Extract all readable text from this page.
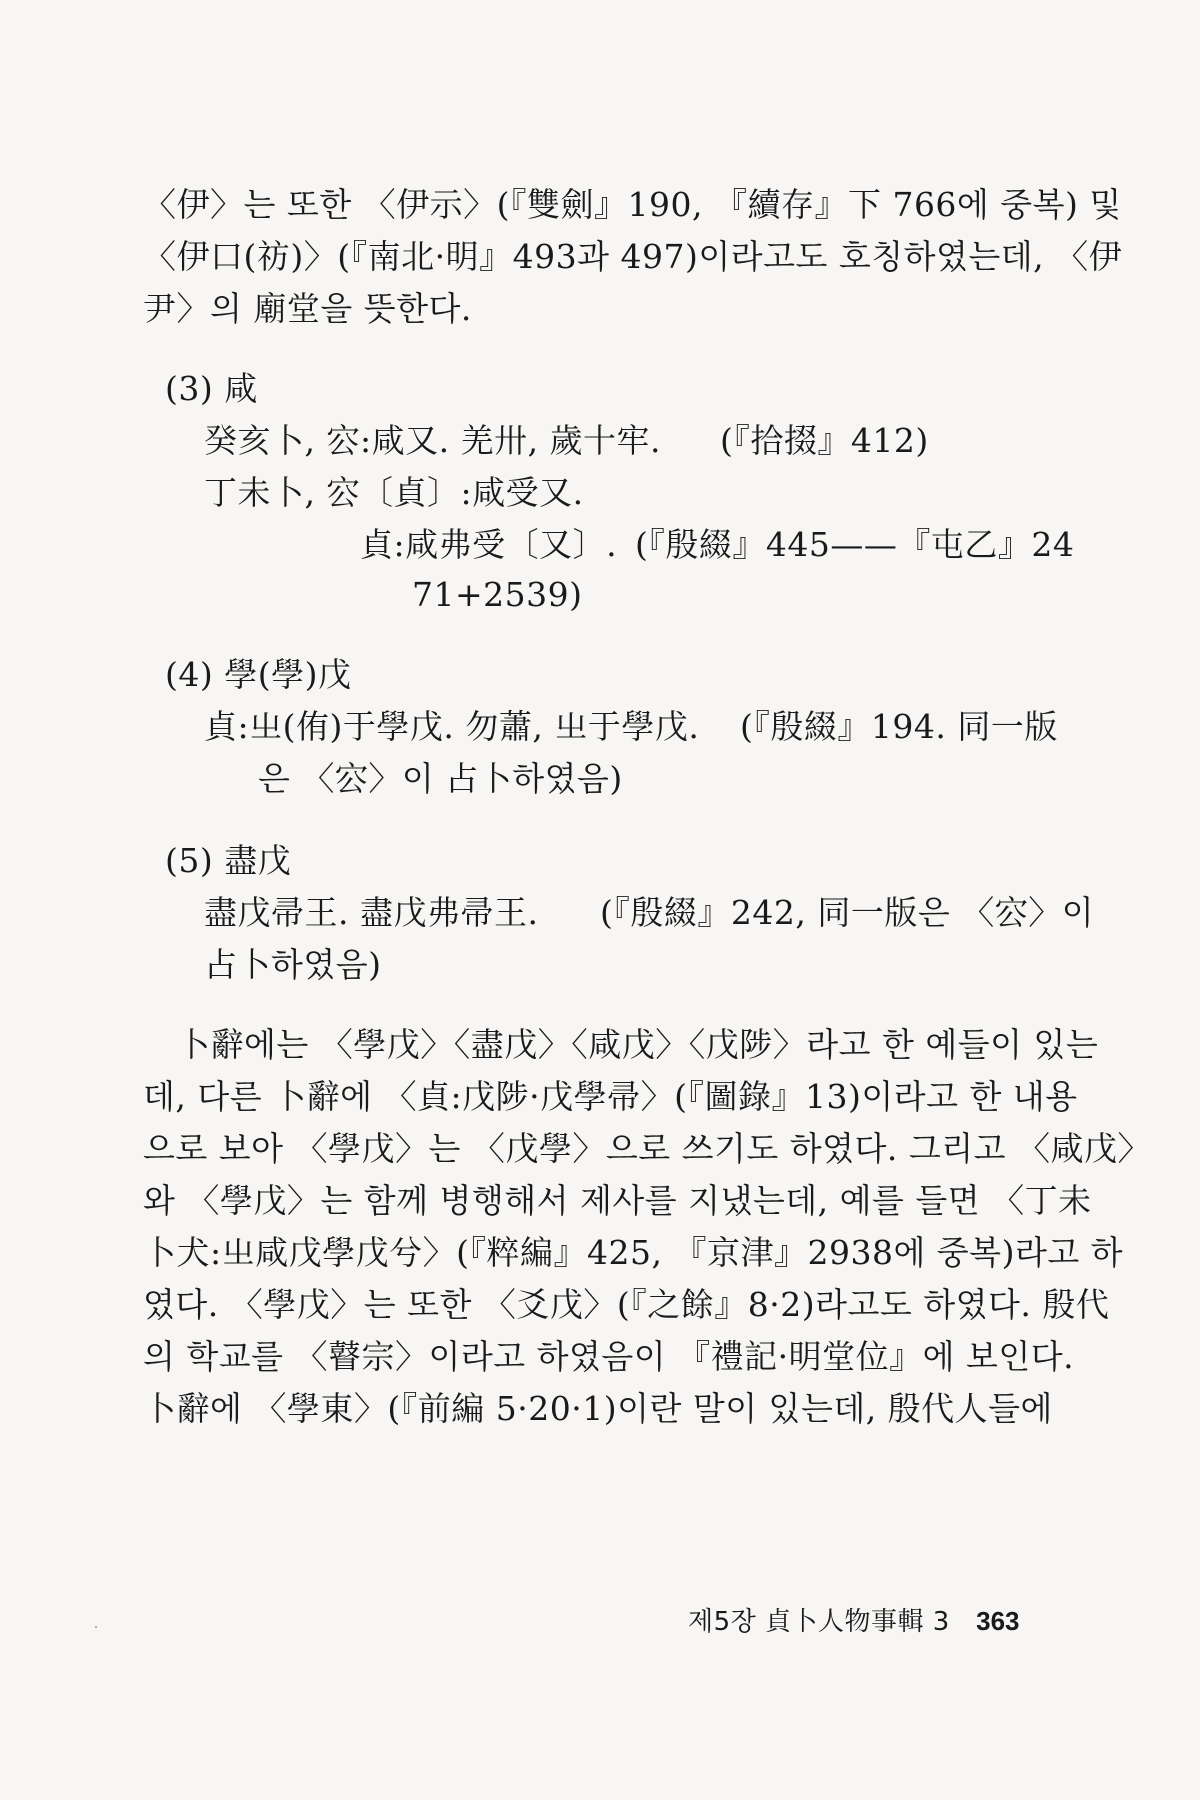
〈伊〉는 또한 〈伊示〉(『雙劍』190, 『續存』下 766에 중복) 및
〈伊口(祊)〉(『南北·明』493과 497)이라고도 호칭하였는데, 〈伊
尹〉의 廟堂을 뜻한다.
(3) 咸
癸亥卜, 㝐:咸又. 羌卅, 歲十牢. (『拾掇』412)
丁未卜, 㝐〔貞〕:咸受又.
貞:咸弗受〔又〕. (『殷綴』445——『屯乙』24
71+2539)
(4) 學(學)戊
貞:㞢(侑)于學戊. 勿蕭, 㞢于學戊. (『殷綴』194. 同一版
은 〈㝐〉이 占卜하였음)
(5) 盡戊
盡戊帚王. 盡戊弗帚王. (『殷綴』242, 同一版은 〈㝐〉이
占卜하였음)
卜辭에는 〈學戊〉〈盡戊〉〈咸戊〉〈戊陟〉라고 한 예들이 있는
데, 다른 卜辭에 〈貞:戊陟·戊學帚〉(『圖錄』13)이라고 한 내용
으로 보아 〈學戊〉는 〈戊學〉으로 쓰기도 하였다. 그리고 〈咸戊〉
와 〈學戊〉는 함께 병행해서 제사를 지냈는데, 예를 들면 〈丁未
卜犬:㞢咸戊學戊兮〉(『粹編』425, 『京津』2938에 중복)라고 하
였다. 〈學戊〉는 또한 〈爻戊〉(『之餘』8·2)라고도 하였다. 殷代
의 학교를 〈瞽宗〉이라고 하였음이 『禮記·明堂位』에 보인다.
卜辭에 〈學東〉(『前編 5·20·1)이란 말이 있는데, 殷代人들에
제5장 貞卜人物事輯 3 363
